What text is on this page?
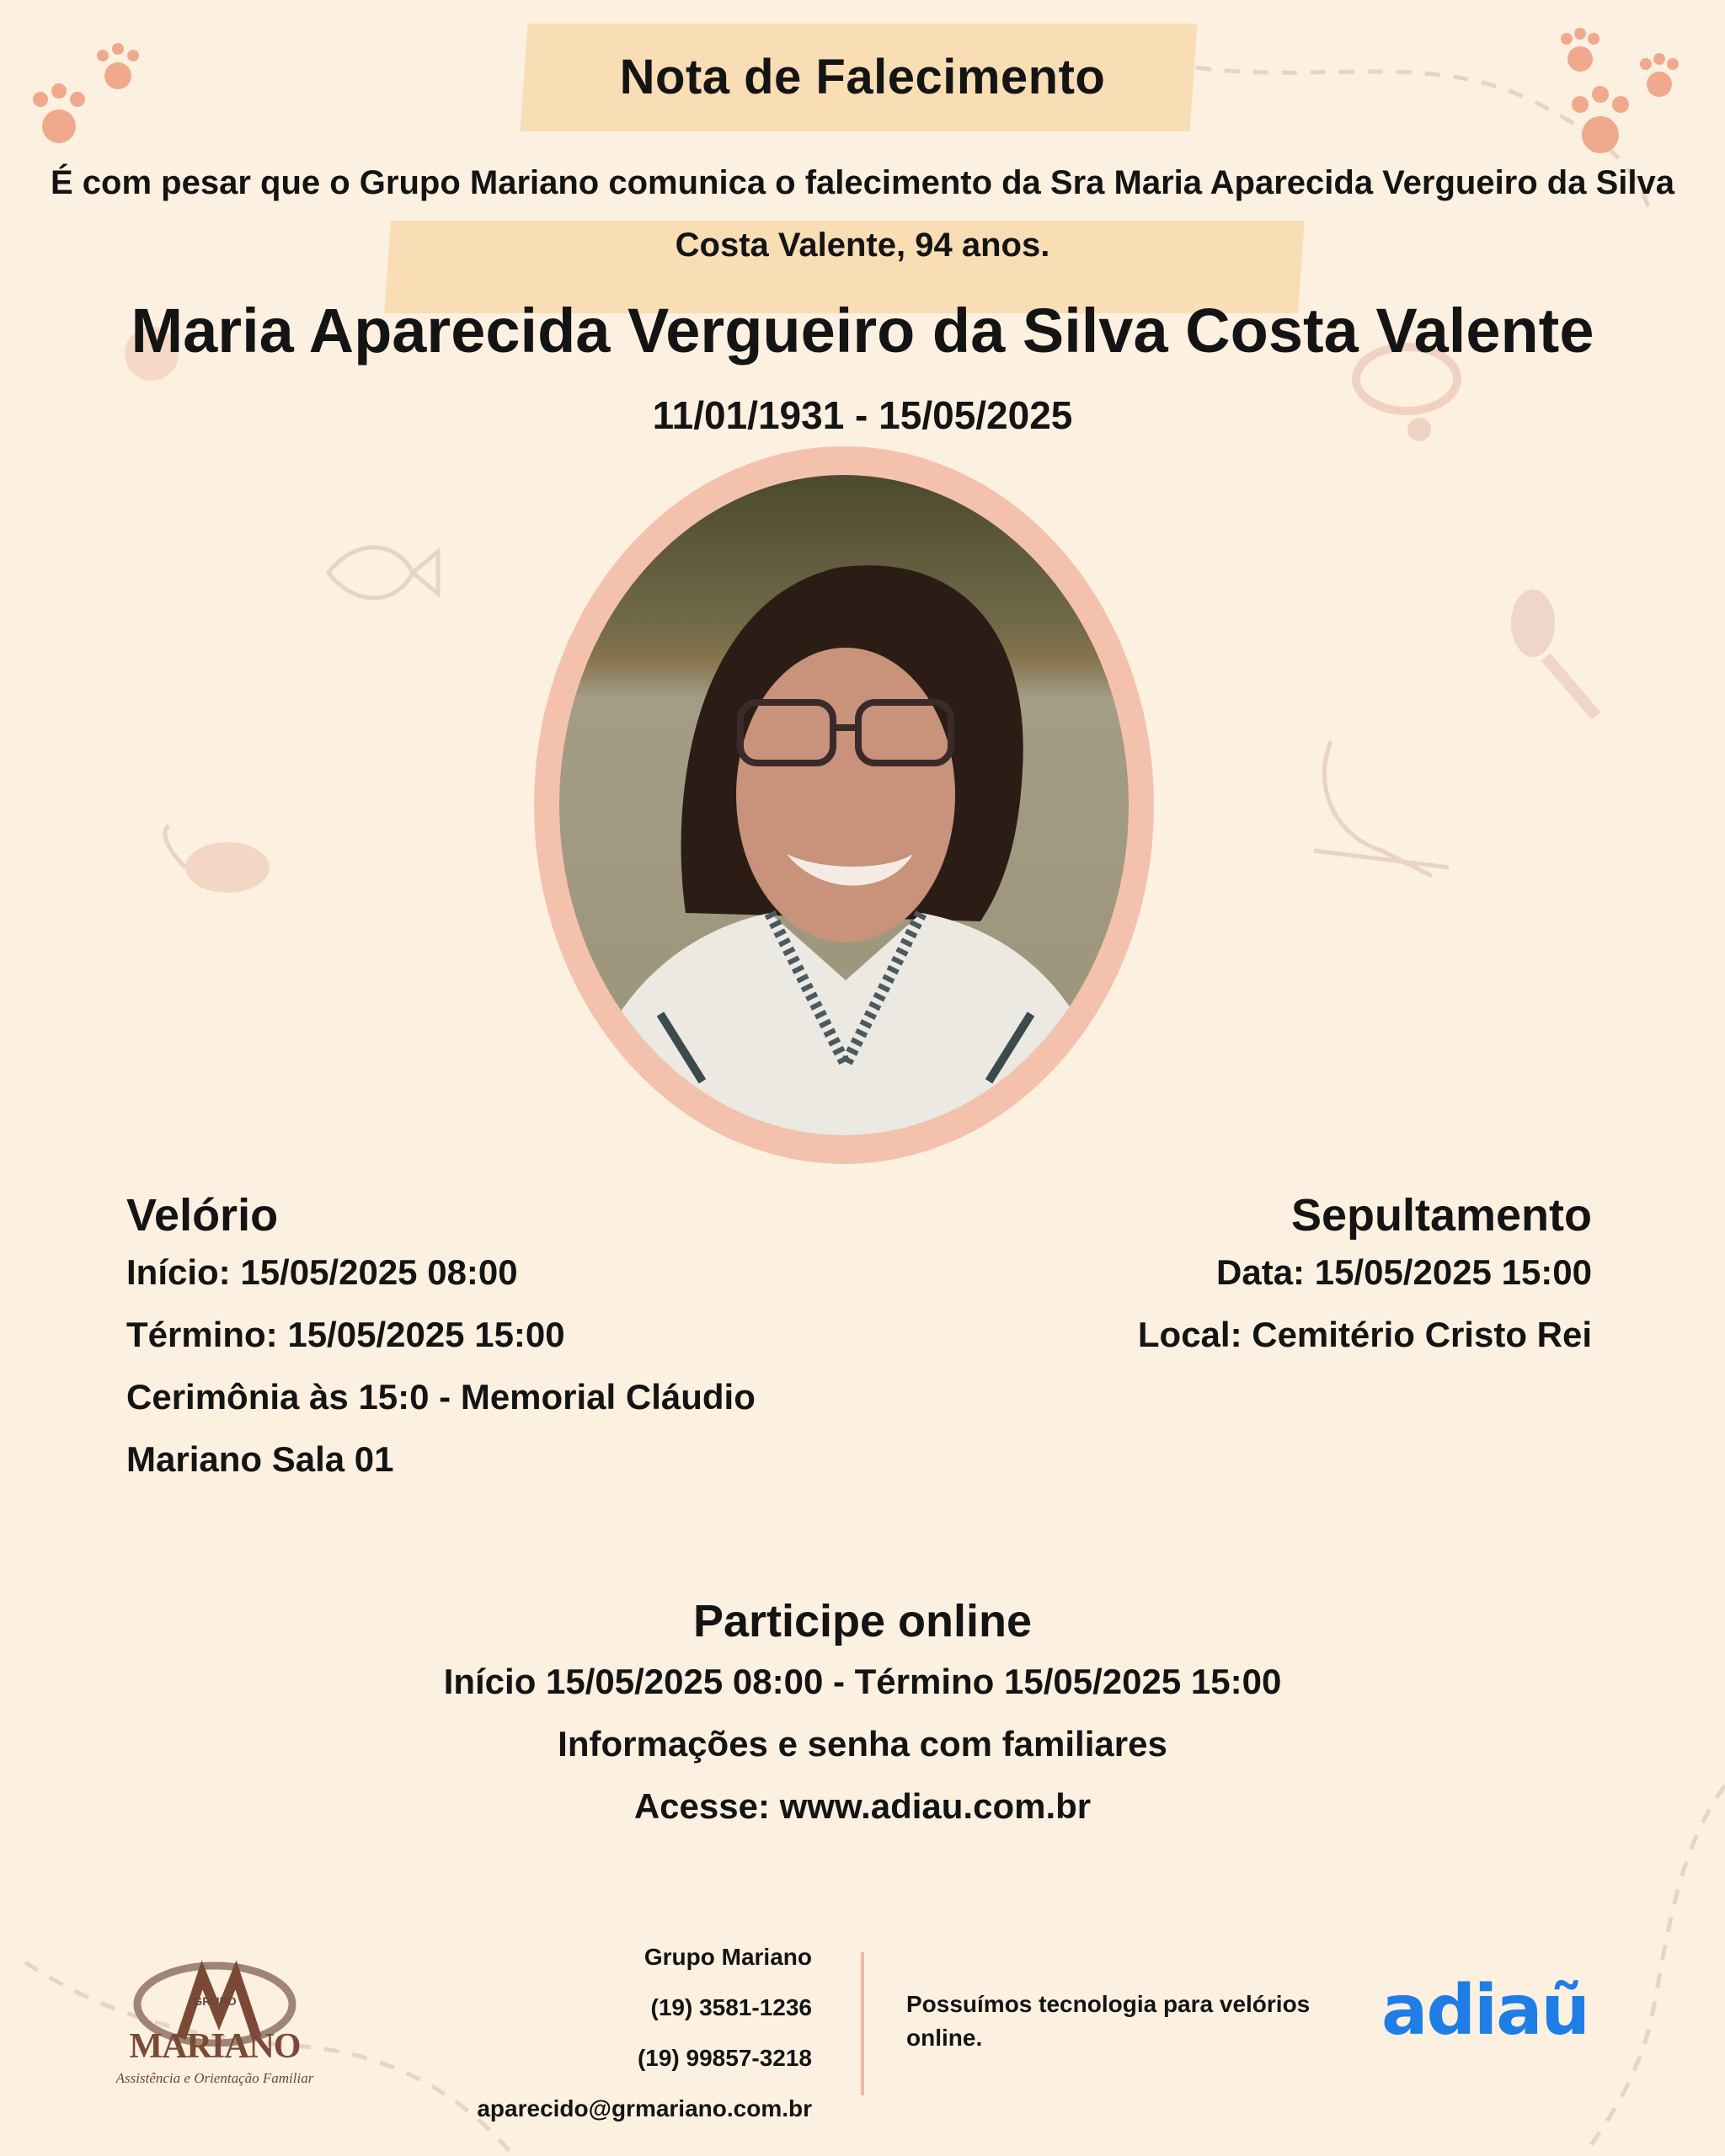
Nota de Falecimento
É com pesar que o Grupo Mariano comunica o falecimento da Sra Maria Aparecida Vergueiro da Silva Costa Valente, 94 anos.
Maria Aparecida Vergueiro da Silva Costa Valente
11/01/1931 - 15/05/2025
Velório
Início: 15/05/2025 08:00
Término: 15/05/2025 15:00
Cerimônia às 15:0 - Memorial Cláudio
Mariano Sala 01
Sepultamento
Data: 15/05/2025 15:00
Local: Cemitério Cristo Rei
Participe online
Início 15/05/2025 08:00 - Término 15/05/2025 15:00
Informações e senha com familiares
Acesse: www.adiau.com.br
GRUPO
MARIANO
Assistência e Orientação Familiar
Grupo Mariano
(19) 3581-1236
(19) 99857-3218
aparecido@grmariano.com.br
Possuímos tecnologia para velórios online.	adiaũ
